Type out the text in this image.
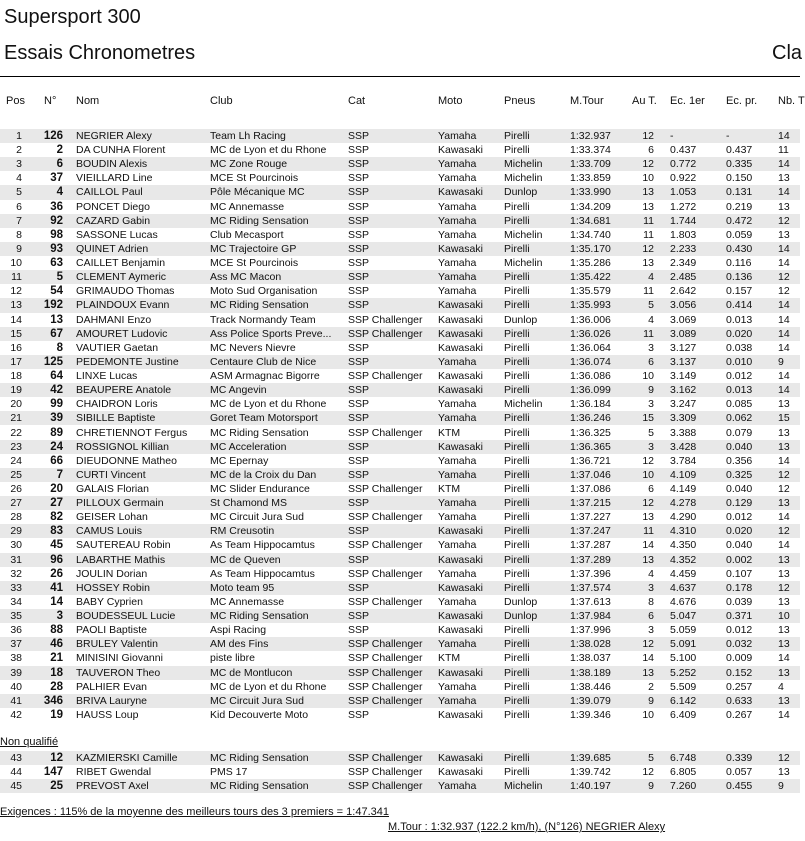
Supersport 300
Essais Chronometres	Cla
Pos	N°	Nom	Club	Cat	Moto	Pneus	M.Tour	Au T.	Ec. 1er	Ec. pr.	Nb. T
1	126 NEGRIER Alexy	Team Lh Racing	SSP	Yamaha	Pirelli	1:32.937	12 -	-	14
2	2 DA CUNHA Florent	MC de Lyon et du Rhone	SSP	Kawasaki	Pirelli	1:33.374	6 0.437	0.437	11
3	6 BOUDIN Alexis	MC Zone Rouge	SSP	Yamaha	Michelin	1:33.709	12 0.772	0.335	14
4	37 VIEILLARD Line	MCE St Pourcinois	SSP	Yamaha	Michelin	1:33.859	10 0.922	0.150	13
5	4 CAILLOL Paul	Pôle Mécanique MC	SSP	Kawasaki	Dunlop	1:33.990	13 1.053	0.131	14
6	36 PONCET Diego	MC Annemasse	SSP	Yamaha	Pirelli	1:34.209	13 1.272	0.219	13
7	92 CAZARD Gabin	MC Riding Sensation	SSP	Yamaha	Pirelli	1:34.681	11 1.744	0.472	12
8	98 SASSONE Lucas	Club Mecasport	SSP	Yamaha	Michelin	1:34.740	11 1.803	0.059	13
9	93 QUINET Adrien	MC Trajectoire GP	SSP	Kawasaki	Pirelli	1:35.170	12 2.233	0.430	14
10	63 CAILLET Benjamin	MCE St Pourcinois	SSP	Yamaha	Michelin	1:35.286	13 2.349	0.116	14
11	5 CLEMENT Aymeric	Ass MC Macon	SSP	Yamaha	Pirelli	1:35.422	4 2.485	0.136	12
12	54 GRIMAUDO Thomas	Moto Sud Organisation	SSP	Yamaha	Pirelli	1:35.579	11 2.642	0.157	12
13	192 PLAINDOUX Evann	MC Riding Sensation	SSP	Kawasaki	Pirelli	1:35.993	5 3.056	0.414	14
14	13 DAHMANI Enzo	Track Normandy Team	SSP Challenger	Kawasaki	Dunlop	1:36.006	4 3.069	0.013	14
15	67 AMOURET Ludovic	Ass Police Sports Preve...	SSP Challenger	Kawasaki	Pirelli	1:36.026	11 3.089	0.020	14
16	8 VAUTIER Gaetan	MC Nevers Nievre	SSP	Kawasaki	Pirelli	1:36.064	3 3.127	0.038	14
17	125 PEDEMONTE Justine	Centaure Club de Nice	SSP	Yamaha	Pirelli	1:36.074	6 3.137	0.010	9
18	64 LINXE Lucas	ASM Armagnac Bigorre	SSP Challenger	Kawasaki	Pirelli	1:36.086	10 3.149	0.012	14
19	42 BEAUPERE Anatole	MC Angevin	SSP	Kawasaki	Pirelli	1:36.099	9 3.162	0.013	14
20	99 CHAIDRON Loris	MC de Lyon et du Rhone	SSP	Yamaha	Michelin	1:36.184	3 3.247	0.085	13
21	39 SIBILLE Baptiste	Goret Team Motorsport	SSP	Yamaha	Pirelli	1:36.246	15 3.309	0.062	15
22	89 CHRETIENNOT Fergus	MC Riding Sensation	SSP Challenger	KTM	Pirelli	1:36.325	5 3.388	0.079	13
23	24 ROSSIGNOL Killian	MC Acceleration	SSP	Kawasaki	Pirelli	1:36.365	3 3.428	0.040	13
24	66 DIEUDONNE Matheo	MC Epernay	SSP	Yamaha	Pirelli	1:36.721	12 3.784	0.356	14
25	7 CURTI Vincent	MC de la Croix du Dan	SSP	Yamaha	Pirelli	1:37.046	10 4.109	0.325	12
26	20 GALAIS Florian	MC Slider Endurance	SSP Challenger	KTM	Pirelli	1:37.086	6 4.149	0.040	12
27	27 PILLOUX Germain	St Chamond MS	SSP	Yamaha	Pirelli	1:37.215	12 4.278	0.129	13
28	82 GEISER Lohan	MC Circuit Jura Sud	SSP Challenger	Yamaha	Pirelli	1:37.227	13 4.290	0.012	14
29	83 CAMUS Louis	RM Creusotin	SSP	Kawasaki	Pirelli	1:37.247	11 4.310	0.020	12
30	45 SAUTEREAU Robin	As Team Hippocamtus	SSP Challenger	Yamaha	Pirelli	1:37.287	14 4.350	0.040	14
31	96 LABARTHE Mathis	MC de Queven	SSP	Kawasaki	Pirelli	1:37.289	13 4.352	0.002	13
32	26 JOULIN Dorian	As Team Hippocamtus	SSP Challenger	Yamaha	Pirelli	1:37.396	4 4.459	0.107	13
33	41 HOSSEY Robin	Moto team 95	SSP	Kawasaki	Pirelli	1:37.574	3 4.637	0.178	12
34	14 BABY Cyprien	MC Annemasse	SSP Challenger	Yamaha	Dunlop	1:37.613	8 4.676	0.039	13
35	3 BOUDESSEUL Lucie	MC Riding Sensation	SSP	Kawasaki	Dunlop	1:37.984	6 5.047	0.371	10
36	88 PAOLI Baptiste	Aspi Racing	SSP	Kawasaki	Pirelli	1:37.996	3 5.059	0.012	13
37	46 BRULEY Valentin	AM des Fins	SSP Challenger	Yamaha	Pirelli	1:38.028	12 5.091	0.032	13
38	21 MINISINI Giovanni	piste libre	SSP Challenger	KTM	Pirelli	1:38.037	14 5.100	0.009	14
39	18 TAUVERON Theo	MC de Montlucon	SSP Challenger	Kawasaki	Pirelli	1:38.189	13 5.252	0.152	13
40	28 PALHIER Evan	MC de Lyon et du Rhone	SSP Challenger	Yamaha	Pirelli	1:38.446	2 5.509	0.257	4
41	346 BRIVA Lauryne	MC Circuit Jura Sud	SSP Challenger	Yamaha	Pirelli	1:39.079	9 6.142	0.633	13
42	19 HAUSS Loup	Kid Decouverte Moto	SSP	Kawasaki	Pirelli	1:39.346	10 6.409	0.267	14
Non qualifié
43	12 KAZMIERSKI Camille	MC Riding Sensation	SSP Challenger	Kawasaki	Pirelli	1:39.685	5 6.748	0.339	12
44	147 RIBET Gwendal	PMS 17	SSP Challenger	Kawasaki	Pirelli	1:39.742	12 6.805	0.057	13
45	25 PREVOST Axel	MC Riding Sensation	SSP Challenger	Yamaha	Michelin	1:40.197	9 7.260	0.455	9
Exigences : 115% de la moyenne des meilleurs tours des 3 premiers = 1:47.341
M.Tour : 1:32.937 (122.2 km/h), (N°126) NEGRIER Alexy
